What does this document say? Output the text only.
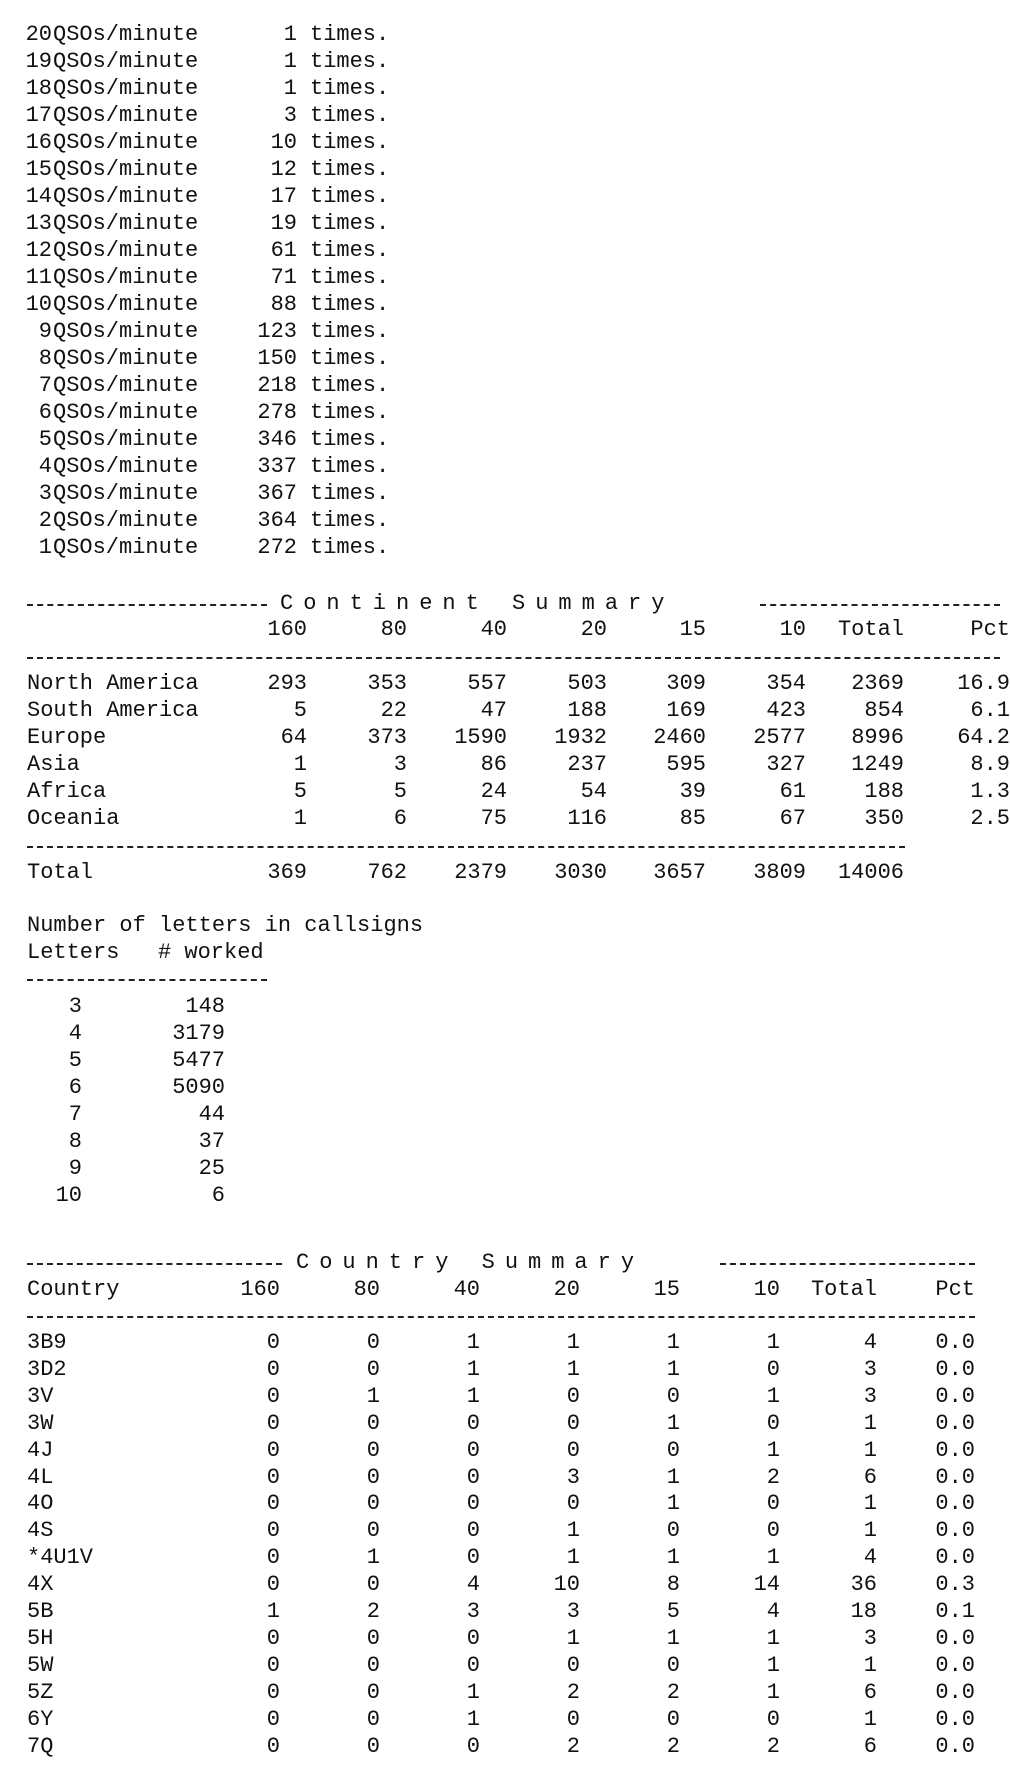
20 QSOs/minute	1 times.
19 QSOs/minute	1 times.
18 QSOs/minute	1 times.
17 QSOs/minute	3 times.
16 QSOs/minute	10 times.
15 QSOs/minute	12 times.
14 QSOs/minute	17 times.
13 QSOs/minute	19 times.
12 QSOs/minute	61 times.
11 QSOs/minute	71 times.
10 QSOs/minute	88 times.
9 QSOs/minute	123 times.
8 QSOs/minute	150 times.
7 QSOs/minute	218 times.
6 QSOs/minute	278 times.
5 QSOs/minute	346 times.
4 QSOs/minute	337 times.
3 QSOs/minute	367 times.
2 QSOs/minute	364 times.
1 QSOs/minute	272 times.
Continent Summary
160	80	40	20	15	10 Total	Pct
North America	293	353	557	503	309	354 2369 16.9
South America	5	22	47	188	169	423	854	6.1
Europe	64	373 1590 1932 2460 2577 8996 64.2
Asia	1	3	86	237	595	327 1249	8.9
Africa	5	5	24	54	39	61	188	1.3
Oceania	1	6	75	116	85	67	350	2.5
Total	369	762 2379 3030 3657 3809 14006
Number of letters in callsigns
Letters # worked
3	148
4	3179
5	5477
6	5090
7	44
8	37
9	25
10	6
Country Summary
Country	160	80	40	20	15	10 Total	Pct
3B9	0	0	1	1	1	1	4	0.0
3D2	0	0	1	1	1	0	3	0.0
3V	0	1	1	0	0	1	3	0.0
3W	0	0	0	0	1	0	1	0.0
4J	0	0	0	0	0	1	1	0.0
4L	0	0	0	3	1	2	6	0.0
4O	0	0	0	0	1	0	1	0.0
4S	0	0	0	1	0	0	1	0.0
*4U1V	0	1	0	1	1	1	4	0.0
4X	0	0	4	10	8	14	36	0.3
5B	1	2	3	3	5	4	18	0.1
5H	0	0	0	1	1	1	3	0.0
5W	0	0	0	0	0	1	1	0.0
5Z	0	0	1	2	2	1	6	0.0
6Y	0	0	1	0	0	0	1	0.0
7Q	0	0	0	2	2	2	6	0.0
